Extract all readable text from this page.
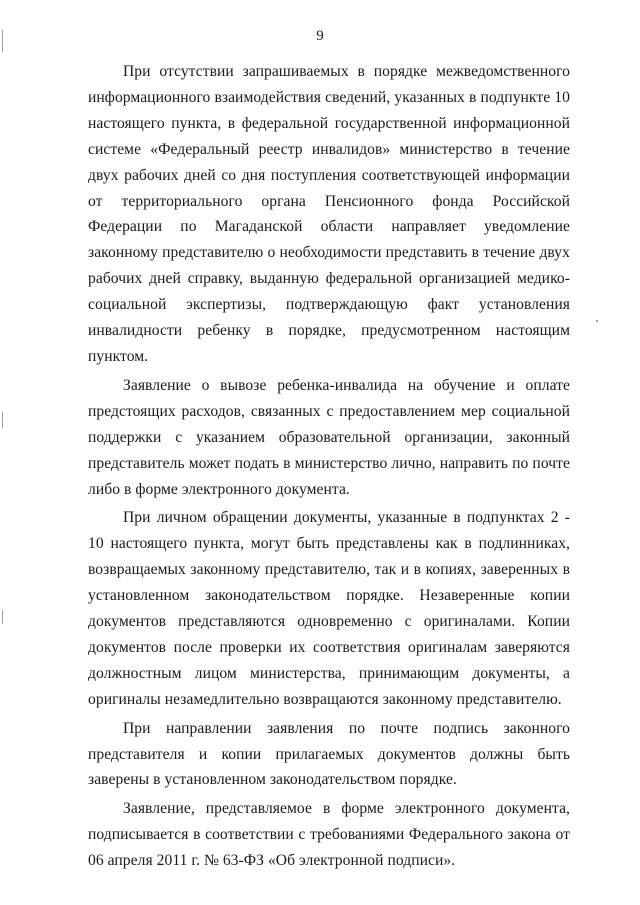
9

При отсутствии запрашиваемых в порядке межведомственного информационного взаимодействия сведений, указанных в подпункте 10 настоящего пункта, в федеральной государственной информационной системе «Федеральный реестр инвалидов» министерство в течение двух рабочих дней со дня поступления соответствующей информации от территориального органа Пенсионного фонда Российской Федерации по Магаданской области направляет уведомление законному представителю о необходимости представить в течение двух рабочих дней справку, выданную федеральной организацией медико-социальной экспертизы, подтверждающую факт установления инвалидности ребенку в порядке, предусмотренном настоящим пунктом.

Заявление о вывозе ребенка-инвалида на обучение и оплате предстоящих расходов, связанных с предоставлением мер социальной поддержки с указанием образовательной организации, законный представитель может подать в министерство лично, направить по почте либо в форме электронного документа.

При личном обращении документы, указанные в подпунктах 2 - 10 настоящего пункта, могут быть представлены как в подлинниках, возвращаемых законному представителю, так и в копиях, заверенных в установленном законодательством порядке. Незаверенные копии документов представляются одновременно с оригиналами. Копии документов после проверки их соответствия оригиналам заверяются должностным лицом министерства, принимающим документы, а оригиналы незамедлительно возвращаются законному представителю.

При направлении заявления по почте подпись законного представителя и копии прилагаемых документов должны быть заверены в установленном законодательством порядке.

Заявление, представляемое в форме электронного документа, подписывается в соответствии с требованиями Федерального закона от 06 апреля 2011 г. № 63-ФЗ «Об электронной подписи».
